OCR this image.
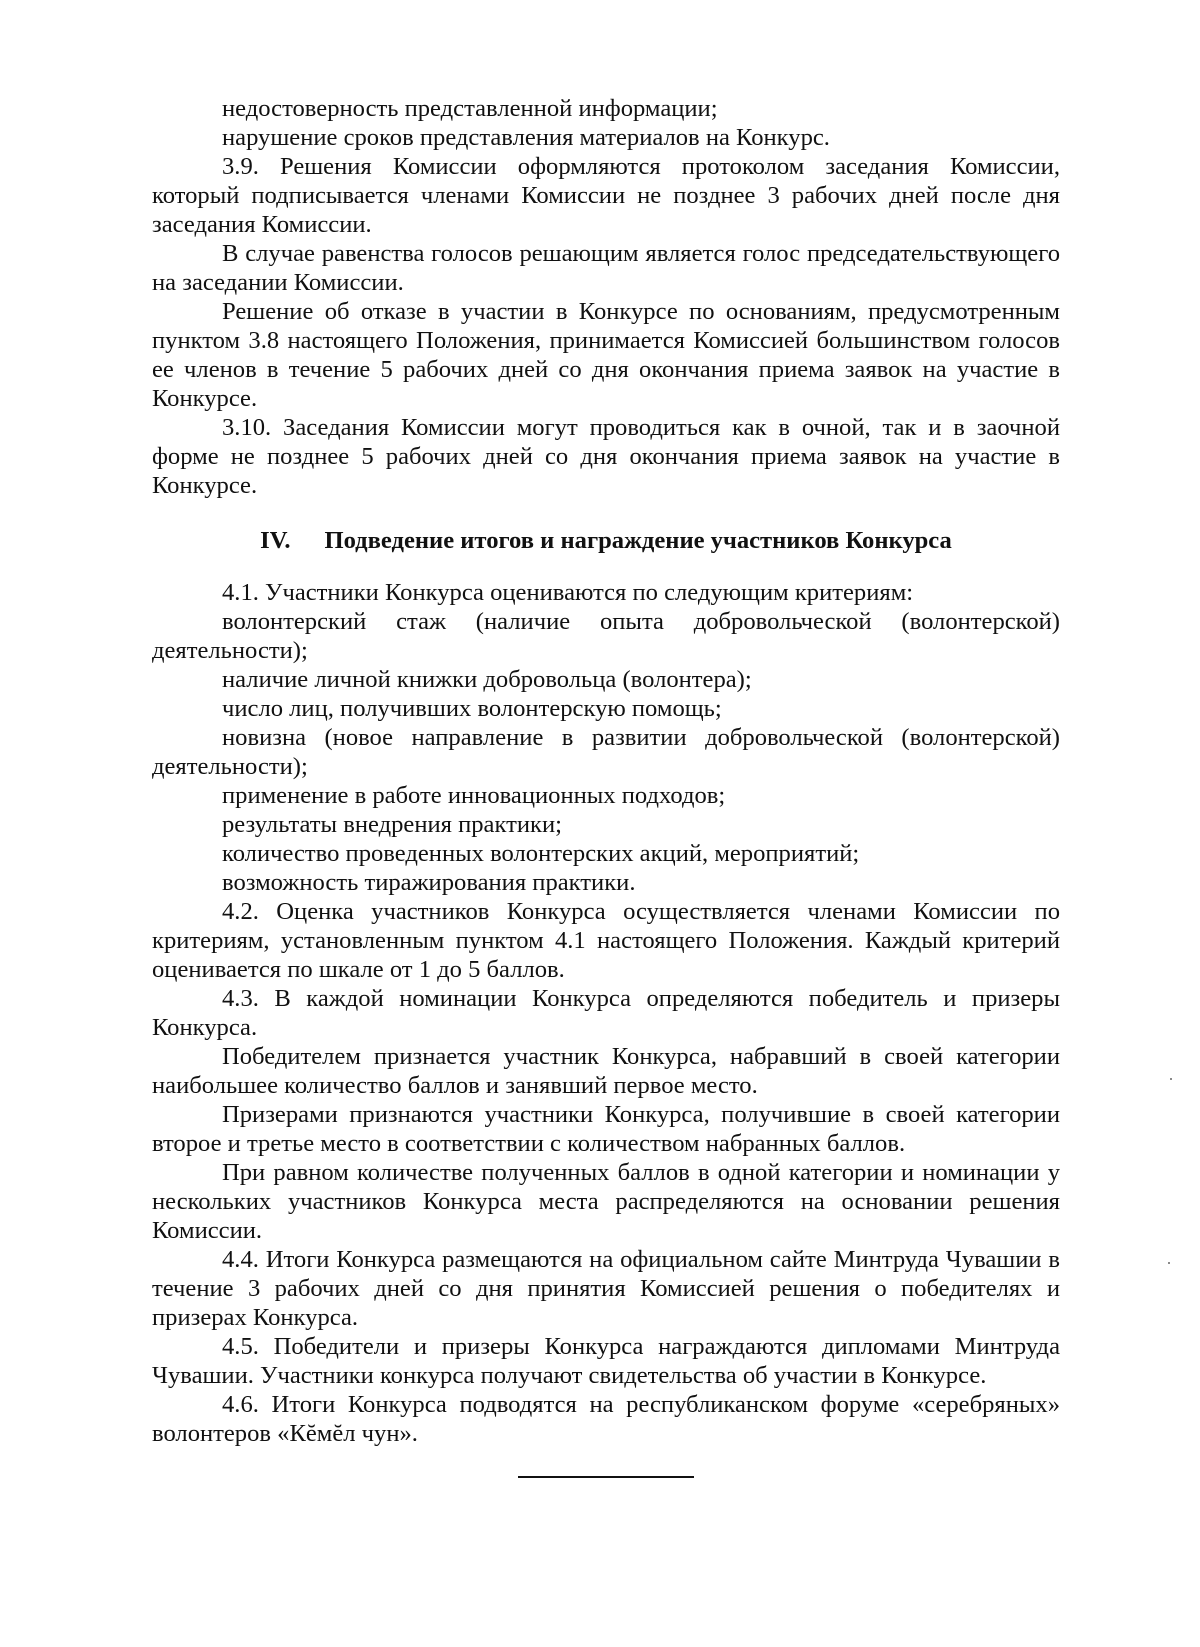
недостоверность представленной информации;

нарушение сроков представления материалов на Конкурс.

3.9. Решения Комиссии оформляются протоколом заседания Комиссии, который подписывается членами Комиссии не позднее 3 рабочих дней после дня заседания Комиссии.

В случае равенства голосов решающим является голос председательствующего на заседании Комиссии.

Решение об отказе в участии в Конкурсе по основаниям, предусмотренным пунктом 3.8 настоящего Положения, принимается Комиссией большинством голосов ее членов в течение 5 рабочих дней со дня окончания приема заявок на участие в Конкурсе.

3.10. Заседания Комиссии могут проводиться как в очной, так и в заочной форме не позднее 5 рабочих дней со дня окончания приема заявок на участие в Конкурсе.

IV. Подведение итогов и награждение участников Конкурса

4.1. Участники Конкурса оцениваются по следующим критериям:

волонтерский стаж (наличие опыта добровольческой (волонтерской) деятельности);

наличие личной книжки добровольца (волонтера);

число лиц, получивших волонтерскую помощь;

новизна (новое направление в развитии добровольческой (волонтерской) деятельности);

применение в работе инновационных подходов;

результаты внедрения практики;

количество проведенных волонтерских акций, мероприятий;

возможность тиражирования практики.

4.2. Оценка участников Конкурса осуществляется членами Комиссии по критериям, установленным пунктом 4.1 настоящего Положения. Каждый критерий оценивается по шкале от 1 до 5 баллов.

4.3. В каждой номинации Конкурса определяются победитель и призеры Конкурса.

Победителем признается участник Конкурса, набравший в своей категории наибольшее количество баллов и занявший первое место.

Призерами признаются участники Конкурса, получившие в своей категории второе и третье место в соответствии с количеством набранных баллов.

При равном количестве полученных баллов в одной категории и номинации у нескольких участников Конкурса места распределяются на основании решения Комиссии.

4.4. Итоги Конкурса размещаются на официальном сайте Минтруда Чувашии в течение 3 рабочих дней со дня принятия Комиссией решения о победителях и призерах Конкурса.

4.5. Победители и призеры Конкурса награждаются дипломами Минтруда Чувашии. Участники конкурса получают свидетельства об участии в Конкурсе.

4.6. Итоги Конкурса подводятся на республиканском форуме «серебряных» волонтеров «Кĕмĕл чун».
